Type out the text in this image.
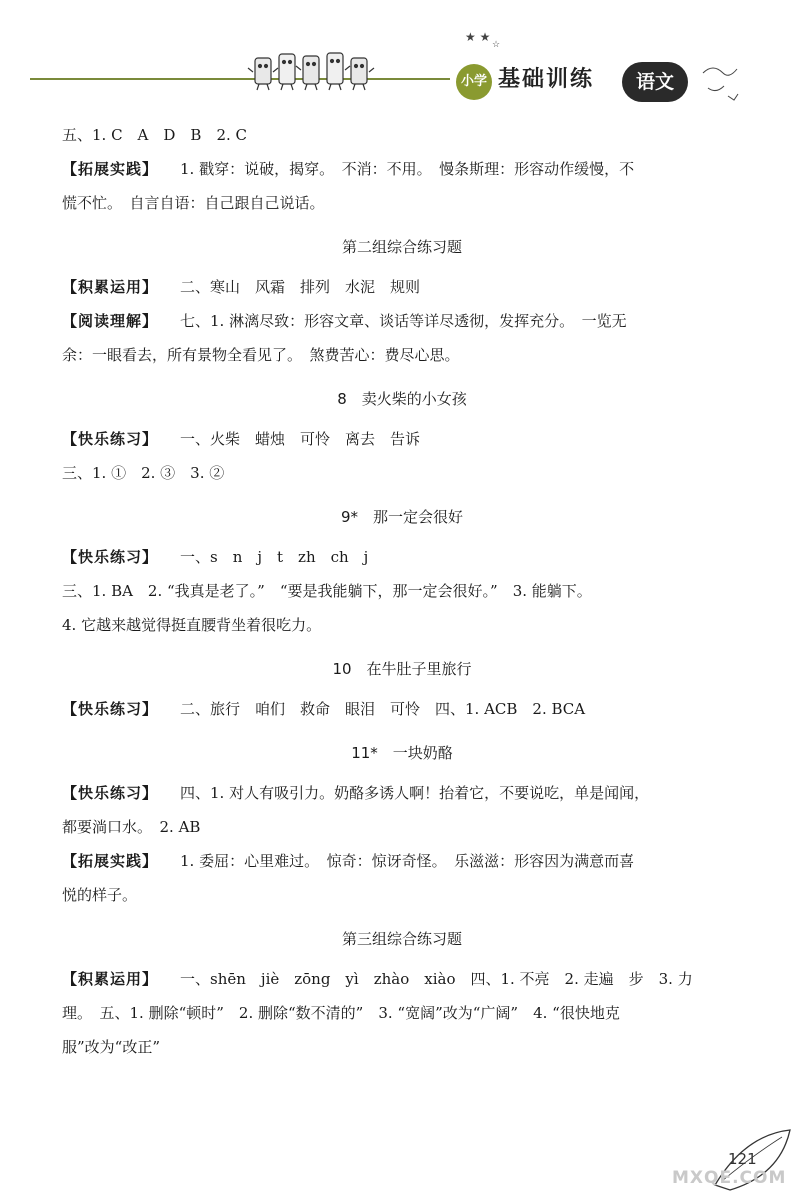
★ ★
☆
小学 基础训练	语文
五、1. C　A　D　B　2. C
【拓展实践】 1. 戳穿：说破，揭穿。　不消：不用。　慢条斯理：形容动作缓慢，不
慌不忙。　自言自语：自己跟自己说话。
第二组综合练习题
【积累运用】 二、寒山　风霜　排列　水泥　规则
【阅读理解】 七、1. 淋漓尽致：形容文章、谈话等详尽透彻，发挥充分。　一览无
余：一眼看去，所有景物全看见了。　煞费苦心：费尽心思。
8　卖火柴的小女孩
【快乐练习】 一、火柴　蜡烛　可怜　离去　告诉
三、1. ①　2. ③　3. ②
9*　那一定会很好
【快乐练习】 一、s　n　j　t　zh　ch　j
三、1. BA　2. “我真是老了。”　“要是我能躺下，那一定会很好。”　3. 能躺下。
4. 它越来越觉得挺直腰背坐着很吃力。
10　在牛肚子里旅行
【快乐练习】 二、旅行　咱们　救命　眼泪　可怜　四、1. ACB　2. BCA
11*　一块奶酪
【快乐练习】 四、1. 对人有吸引力。奶酪多诱人啊！抬着它，不要说吃，单是闻闻，
都要淌口水。　2. AB
【拓展实践】 1. 委屈：心里难过。　惊奇：惊讶奇怪。　乐滋滋：形容因为满意而喜
悦的样子。
第三组综合练习题
【积累运用】 一、shēn　jiè　zōng　yì　zhào　xiào　四、1. 不亮　2. 走遍　步　3. 力
理。　五、1. 删除“顿时”　2. 删除“数不清的”　3. “宽阔”改为“广阔”　4. “很快地克
服”改为“改正”
121
MXQE.COM
